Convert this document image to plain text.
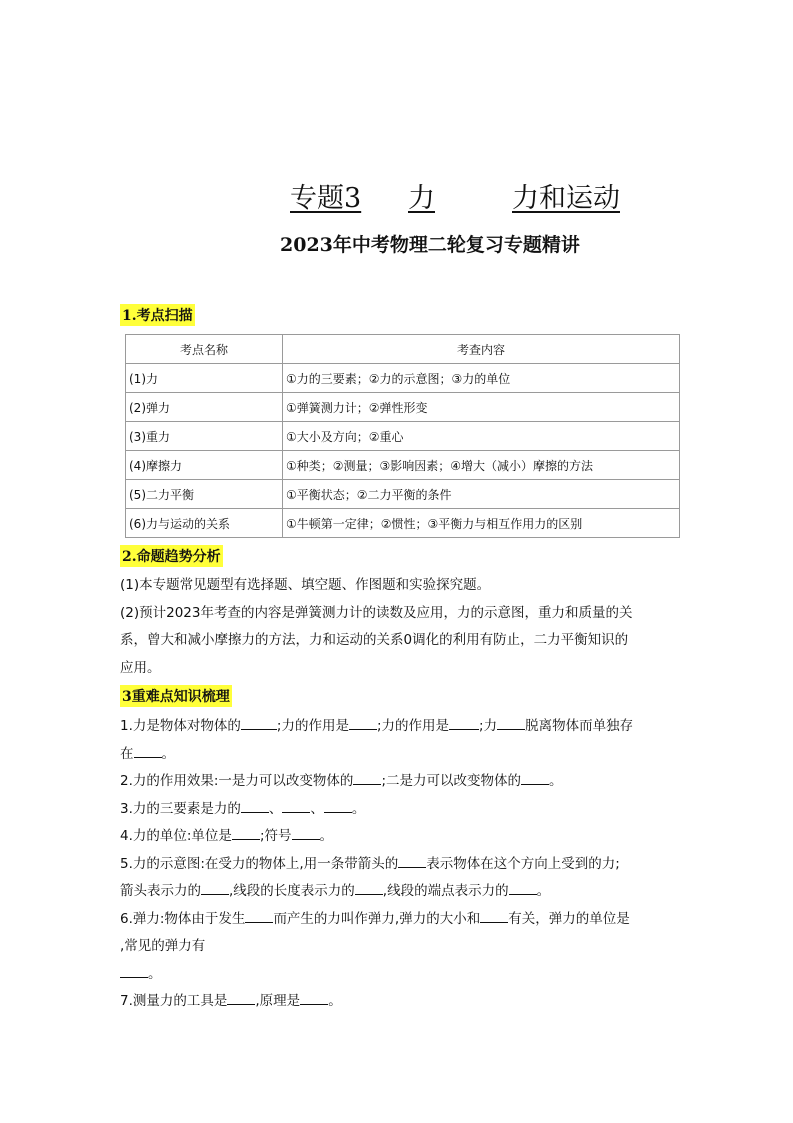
专题3 力	力和运动
2023年中考物理二轮复习专题精讲
1.考点扫描
考点名称	考查内容
(1)力	①力的三要素；②力的示意图；③力的单位
(2)弹力	①弹簧测力计；②弹性形变
(3)重力	①大小及方向；②重心
(4)摩擦力	①种类；②测量；③影响因素；④增大（减小）摩擦的方法
(5)二力平衡	①平衡状态；②二力平衡的条件
(6)力与运动的关系	①牛顿第一定律；②惯性；③平衡力与相互作用力的区别
2.命题趋势分析
(1)本专题常见题型有选择题、填空题、作图题和实验探究题。
(2)预计2023年考查的内容是弹簧测力计的读数及应用，力的示意图，重力和质量的关
系，曾大和减小摩擦力的方法，力和运动的关系0调化的利用有防止，二力平衡知识的
应用。
3重难点知识梳理
1.力是物体对物体的	;力的作用是 ;力的作用是 ;力 脱离物体而单独存
在 。
2.力的作用效果:一是力可以改变物体的 ;二是力可以改变物体的 。
3.力的三要素是力的 、 、 。
4.力的单位:单位是 ;符号 。
5.力的示意图:在受力的物体上,用一条带箭头的 表示物体在这个方向上受到的力;
箭头表示力的 ,线段的长度表示力的 ,线段的端点表示力的 。
6.弹力:物体由于发生 而产生的力叫作弹力,弹力的大小和 有关，弹力的单位是
,常见的弹力有
。
7.测量力的工具是 ,原理是 。
